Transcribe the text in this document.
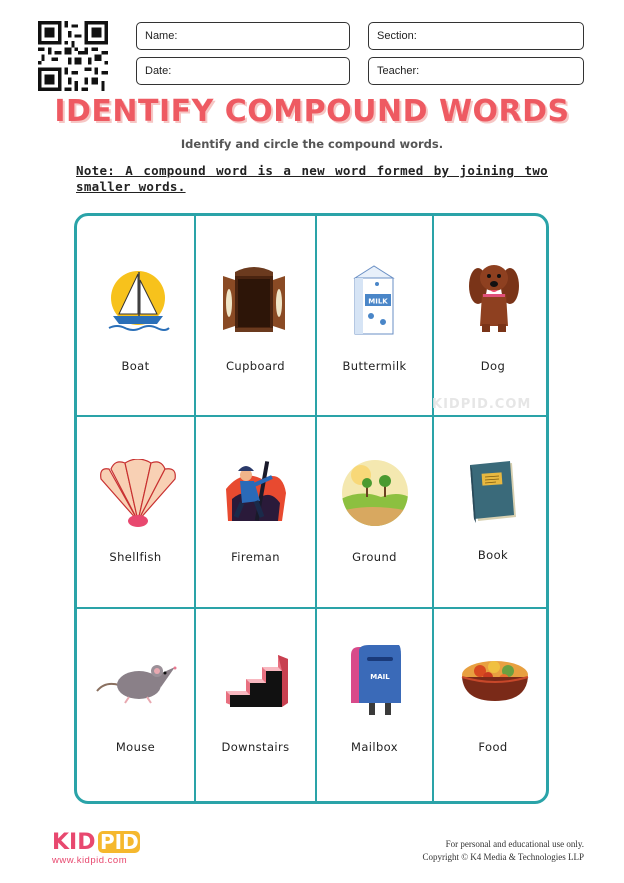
Name:
Date:
Section:
Teacher:
IDENTIFY COMPOUND WORDS
Identify and circle the compound words.
Note: A compound word is a new word formed by joining two smaller words.
Boat	Cupboard
MILK
Buttermilk	Dog
Shellfish	Fireman	Ground	Book
Mouse	Downstairs
MAIL
Mailbox	Food
KIDPID.COM
KID PID
www.kidpid.com
For personal and educational use only.
Copyright © K4 Media & Technologies LLP
